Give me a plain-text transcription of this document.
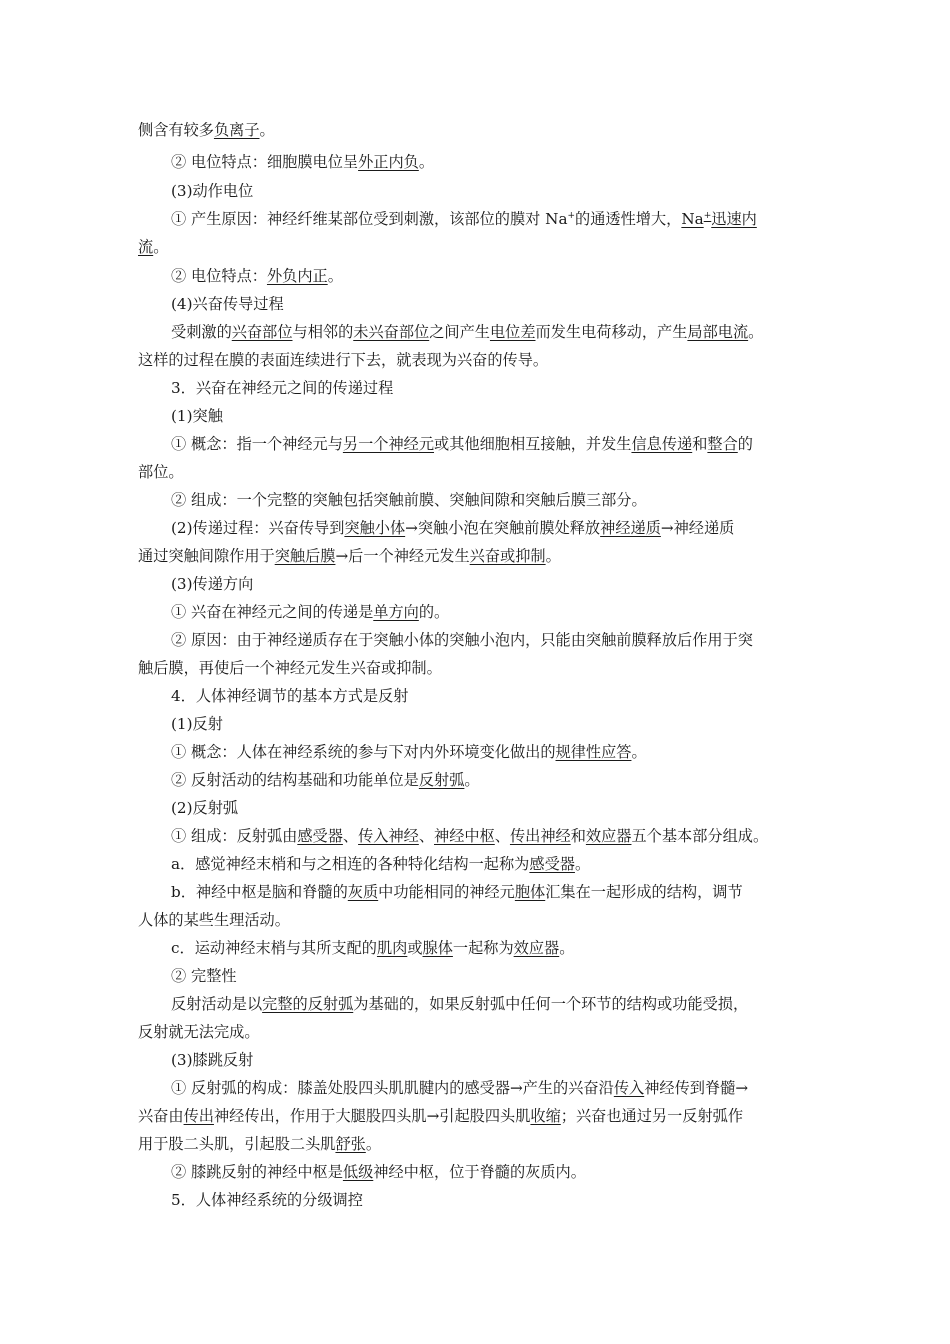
侧含有较多负离子。
② 电位特点：细胞膜电位呈外正内负。
(3)动作电位
① 产生原因：神经纤维某部位受到刺激，该部位的膜对 Na+的通透性增大，Na+迅速内
流。
② 电位特点：外负内正。
(4)兴奋传导过程
受刺激的兴奋部位与相邻的未兴奋部位之间产生电位差而发生电荷移动，产生局部电流。
这样的过程在膜的表面连续进行下去，就表现为兴奋的传导。
3．兴奋在神经元之间的传递过程
(1)突触
① 概念：指一个神经元与另一个神经元或其他细胞相互接触，并发生信息传递和整合的
部位。
② 组成：一个完整的突触包括突触前膜、突触间隙和突触后膜三部分。
(2)传递过程：兴奋传导到突触小体→突触小泡在突触前膜处释放神经递质→神经递质
通过突触间隙作用于突触后膜→后一个神经元发生兴奋或抑制。
(3)传递方向
① 兴奋在神经元之间的传递是单方向的。
② 原因：由于神经递质存在于突触小体的突触小泡内，只能由突触前膜释放后作用于突
触后膜，再使后一个神经元发生兴奋或抑制。
4．人体神经调节的基本方式是反射
(1)反射
① 概念：人体在神经系统的参与下对内外环境变化做出的规律性应答。
② 反射活动的结构基础和功能单位是反射弧。
(2)反射弧
① 组成：反射弧由感受器、传入神经、神经中枢、传出神经和效应器五个基本部分组成。
a．感觉神经末梢和与之相连的各种特化结构一起称为感受器。
b．神经中枢是脑和脊髓的灰质中功能相同的神经元胞体汇集在一起形成的结构，调节
人体的某些生理活动。
c．运动神经末梢与其所支配的肌肉或腺体一起称为效应器。
② 完整性
反射活动是以完整的反射弧为基础的，如果反射弧中任何一个环节的结构或功能受损，
反射就无法完成。
(3)膝跳反射
① 反射弧的构成：膝盖处股四头肌肌腱内的感受器→产生的兴奋沿传入神经传到脊髓→
兴奋由传出神经传出，作用于大腿股四头肌→引起股四头肌收缩；兴奋也通过另一反射弧作
用于股二头肌，引起股二头肌舒张。
② 膝跳反射的神经中枢是低级神经中枢，位于脊髓的灰质内。
5．人体神经系统的分级调控
